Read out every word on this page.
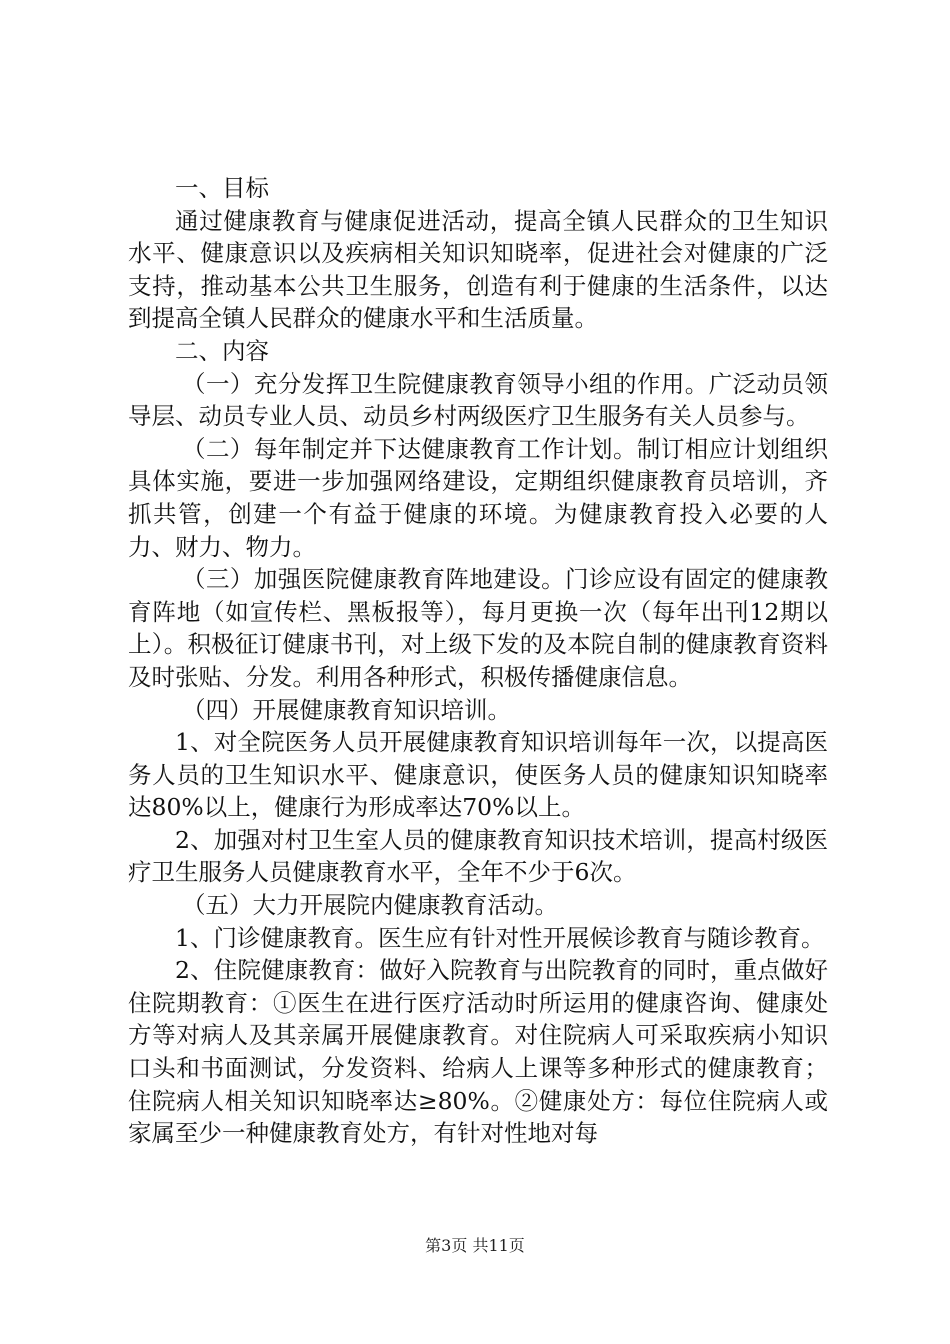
一、目标

通过健康教育与健康促进活动，提高全镇人民群众的卫生知识水平、健康意识以及疾病相关知识知晓率，促进社会对健康的广泛支持，推动基本公共卫生服务，创造有利于健康的生活条件，以达到提高全镇人民群众的健康水平和生活质量。

二、内容

（一）充分发挥卫生院健康教育领导小组的作用。广泛动员领导层、动员专业人员、动员乡村两级医疗卫生服务有关人员参与。

（二）每年制定并下达健康教育工作计划。制订相应计划组织具体实施，要进一步加强网络建设，定期组织健康教育员培训，齐抓共管，创建一个有益于健康的环境。为健康教育投入必要的人力、财力、物力。

（三）加强医院健康教育阵地建设。门诊应设有固定的健康教育阵地（如宣传栏、黑板报等），每月更换一次（每年出刊12期以上）。积极征订健康书刊，对上级下发的及本院自制的健康教育资料及时张贴、分发。利用各种形式，积极传播健康信息。

（四）开展健康教育知识培训。

1、对全院医务人员开展健康教育知识培训每年一次，以提高医务人员的卫生知识水平、健康意识，使医务人员的健康知识知晓率达80%以上，健康行为形成率达70%以上。

2、加强对村卫生室人员的健康教育知识技术培训，提高村级医疗卫生服务人员健康教育水平，全年不少于6次。

（五）大力开展院内健康教育活动。

1、门诊健康教育。医生应有针对性开展候诊教育与随诊教育。

2、住院健康教育：做好入院教育与出院教育的同时，重点做好住院期教育：①医生在进行医疗活动时所运用的健康咨询、健康处方等对病人及其亲属开展健康教育。对住院病人可采取疾病小知识口头和书面测试，分发资料、给病人上课等多种形式的健康教育；住院病人相关知识知晓率达≥80%。②健康处方：每位住院病人或家属至少一种健康教育处方，有针对性地对每

第3页 共11页
